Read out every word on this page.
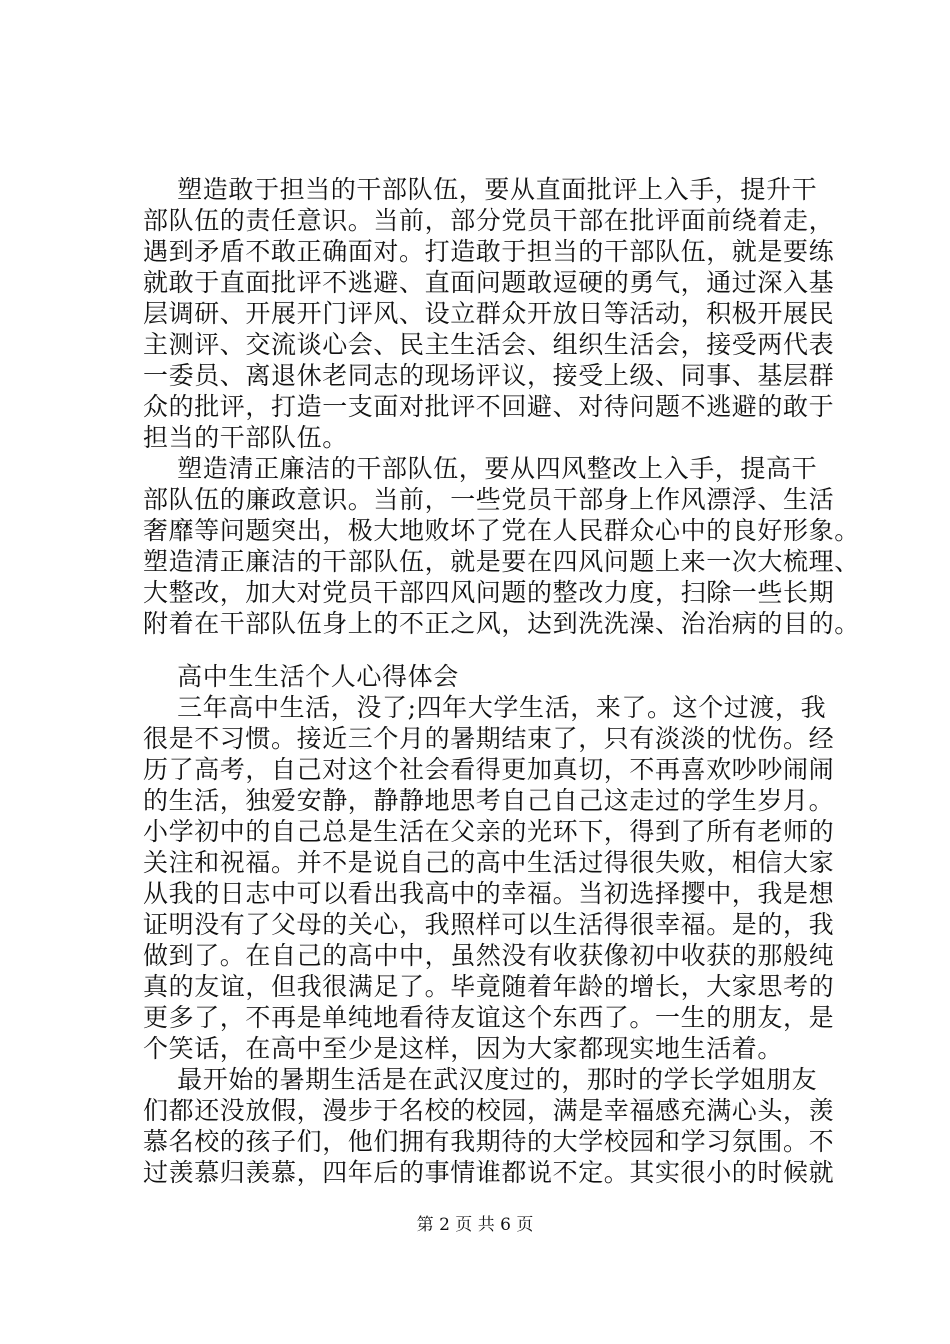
塑造敢于担当的干部队伍，要从直面批评上入手，提升干
部队伍的责任意识。当前，部分党员干部在批评面前绕着走，
遇到矛盾不敢正确面对。打造敢于担当的干部队伍，就是要练
就敢于直面批评不逃避、直面问题敢逗硬的勇气，通过深入基
层调研、开展开门评风、设立群众开放日等活动，积极开展民
主测评、交流谈心会、民主生活会、组织生活会，接受两代表
一委员、离退休老同志的现场评议，接受上级、同事、基层群
众的批评，打造一支面对批评不回避、对待问题不逃避的敢于
担当的干部队伍。
塑造清正廉洁的干部队伍，要从四风整改上入手，提高干
部队伍的廉政意识。当前，一些党员干部身上作风漂浮、生活
奢靡等问题突出，极大地败坏了党在人民群众心中的良好形象。
塑造清正廉洁的干部队伍，就是要在四风问题上来一次大梳理、
大整改，加大对党员干部四风问题的整改力度，扫除一些长期
附着在干部队伍身上的不正之风，达到洗洗澡、治治病的目的。
高中生生活个人心得体会
三年高中生活，没了;四年大学生活，来了。这个过渡，我
很是不习惯。接近三个月的暑期结束了，只有淡淡的忧伤。经
历了高考，自己对这个社会看得更加真切，不再喜欢吵吵闹闹
的生活，独爱安静，静静地思考自己自己这走过的学生岁月。
小学初中的自己总是生活在父亲的光环下，得到了所有老师的
关注和祝福。并不是说自己的高中生活过得很失败，相信大家
从我的日志中可以看出我高中的幸福。当初选择撄中，我是想
证明没有了父母的关心，我照样可以生活得很幸福。是的，我
做到了。在自己的高中中，虽然没有收获像初中收获的那般纯
真的友谊，但我很满足了。毕竟随着年龄的增长，大家思考的
更多了，不再是单纯地看待友谊这个东西了。一生的朋友，是
个笑话，在高中至少是这样，因为大家都现实地生活着。
最开始的暑期生活是在武汉度过的，那时的学长学姐朋友
们都还没放假，漫步于名校的校园，满是幸福感充满心头，羡
慕名校的孩子们，他们拥有我期待的大学校园和学习氛围。不
过羡慕归羡慕，四年后的事情谁都说不定。其实很小的时候就
第 2 页 共 6 页
